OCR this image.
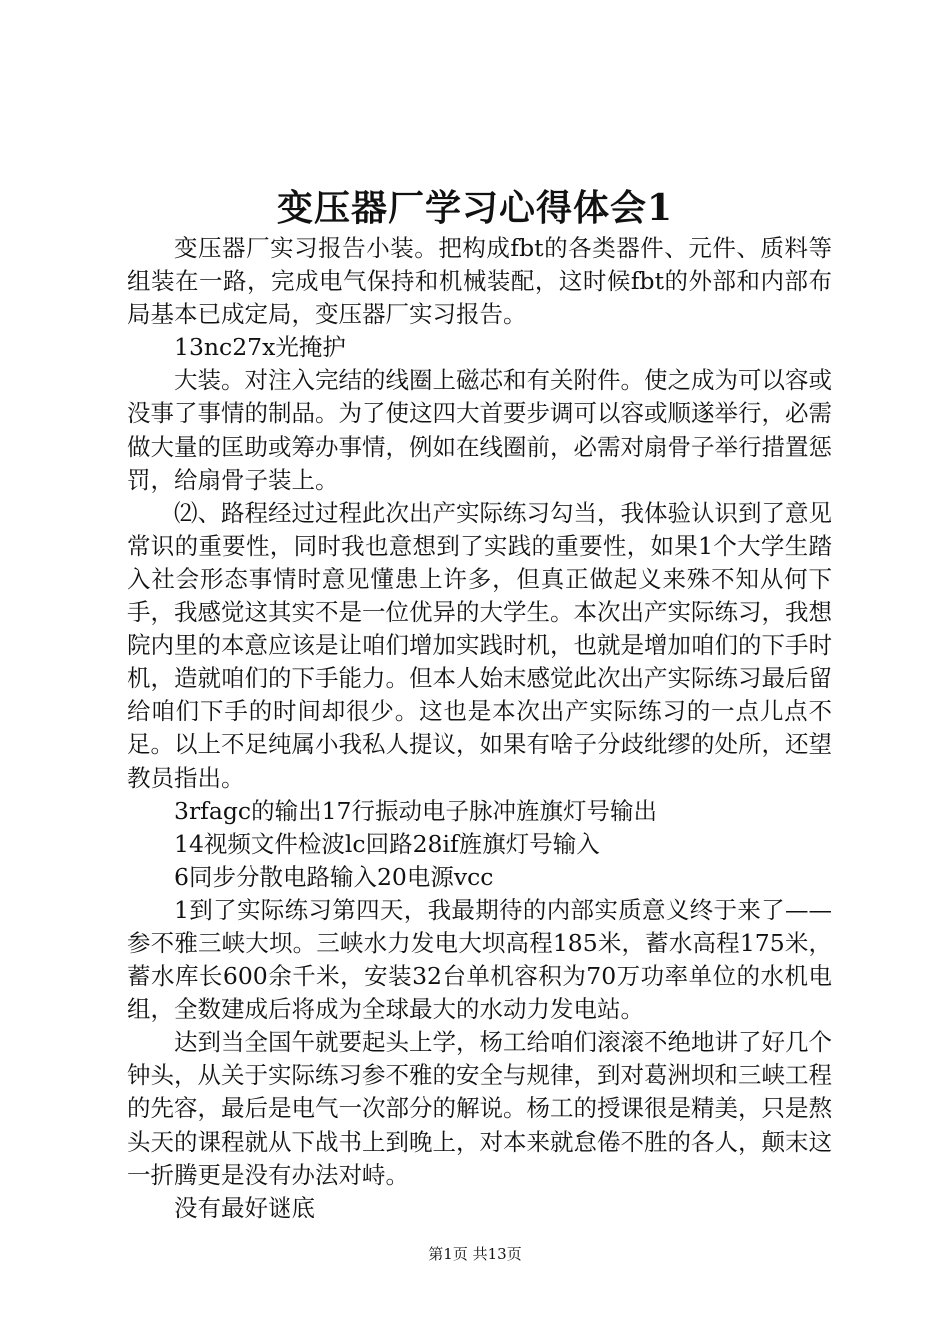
变压器厂学习心得体会1

变压器厂实习报告小装。把构成fbt的各类器件、元件、质料等组装在一路，完成电气保持和机械装配，这时候fbt的外部和内部布局基本已成定局，变压器厂实习报告。

13nc27x光掩护

大装。对注入完结的线圈上磁芯和有关附件。使之成为可以容或没事了事情的制品。为了使这四大首要步调可以容或顺遂举行，必需做大量的匡助或筹办事情，例如在线圈前，必需对扇骨子举行措置惩罚，给扇骨子装上。

⑵、路程经过过程此次出产实际练习勾当，我体验认识到了意见常识的重要性，同时我也意想到了实践的重要性，如果1个大学生踏入社会形态事情时意见懂患上许多，但真正做起义来殊不知从何下手，我感觉这其实不是一位优异的大学生。本次出产实际练习，我想院内里的本意应该是让咱们增加实践时机，也就是增加咱们的下手时机，造就咱们的下手能力。但本人始末感觉此次出产实际练习最后留给咱们下手的时间却很少。这也是本次出产实际练习的一点儿点不足。以上不足纯属小我私人提议，如果有啥子分歧纰缪的处所，还望教员指出。

3rfagc的输出17行振动电子脉冲旌旗灯号输出

14视频文件检波lc回路28if旌旗灯号输入

6同步分散电路输入20电源vcc

1到了实际练习第四天，我最期待的内部实质意义终于来了——参不雅三峡大坝。三峡水力发电大坝高程185米，蓄水高程175米，蓄水库长600余千米，安装32台单机容积为70万功率单位的水机电组，全数建成后将成为全球最大的水动力发电站。

达到当全国午就要起头上学，杨工给咱们滚滚不绝地讲了好几个钟头，从关于实际练习参不雅的安全与规律，到对葛洲坝和三峡工程的先容，最后是电气一次部分的解说。杨工的授课很是精美，只是熬头天的课程就从下战书上到晚上，对本来就怠倦不胜的各人，颠末这一折腾更是没有办法对峙。

没有最好谜底

第1页 共13页
